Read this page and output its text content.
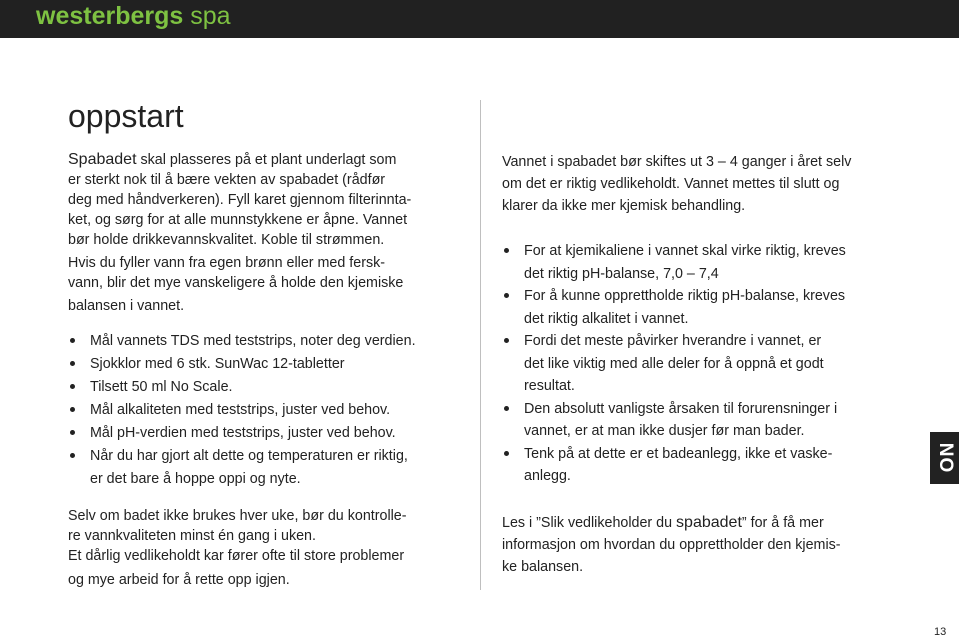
westerbergs spa
oppstart
Spabadet skal plasseres på et plant underlagt som
er sterkt nok til å bære vekten av spabadet (rådfør
deg med håndverkeren). Fyll karet gjennom filterinnta-
ket, og sørg for at alle munnstykkene er åpne. Vannet
bør holde drikkevannskvalitet. Koble til strømmen.
Hvis du fyller vann fra egen brønn eller med fersk-
vann, blir det mye vanskeligere å holde den kjemiske
balansen i vannet.
Mål vannets TDS med teststrips, noter deg verdien.
Sjokklor med 6 stk. SunWac 12-tabletter
Tilsett 50 ml No Scale.
Mål alkaliteten med teststrips, juster ved behov.
Mål pH-verdien med teststrips, juster ved behov.
Når du har gjort alt dette og temperaturen er riktig,
er det bare å hoppe oppi og nyte.
Selv om badet ikke brukes hver uke, bør du kontrolle-
re vannkvaliteten minst én gang i uken.
Et dårlig vedlikeholdt kar fører ofte til store problemer
og mye arbeid for å rette opp igjen.
Vannet i spabadet bør skiftes ut 3 – 4 ganger i året selv
om det er riktig vedlikeholdt. Vannet mettes til slutt og
klarer da ikke mer kjemisk behandling.
For at kjemikaliene i vannet skal virke riktig, kreves
det riktig pH-balanse, 7,0 – 7,4
For å kunne opprettholde riktig pH-balanse, kreves
det riktig alkalitet i vannet.
Fordi det meste påvirker hverandre i vannet, er
det like viktig med alle deler for å oppnå et godt
resultat.
Den absolutt vanligste årsaken til forurensninger i
vannet, er at man ikke dusjer før man bader.
Tenk på at dette er et badeanlegg, ikke et vaske-
anlegg.
Les i ”Slik vedlikeholder du spabadet” for å få mer
informasjon om hvordan du opprettholder den kjemis-
ke balansen.
NO
13
